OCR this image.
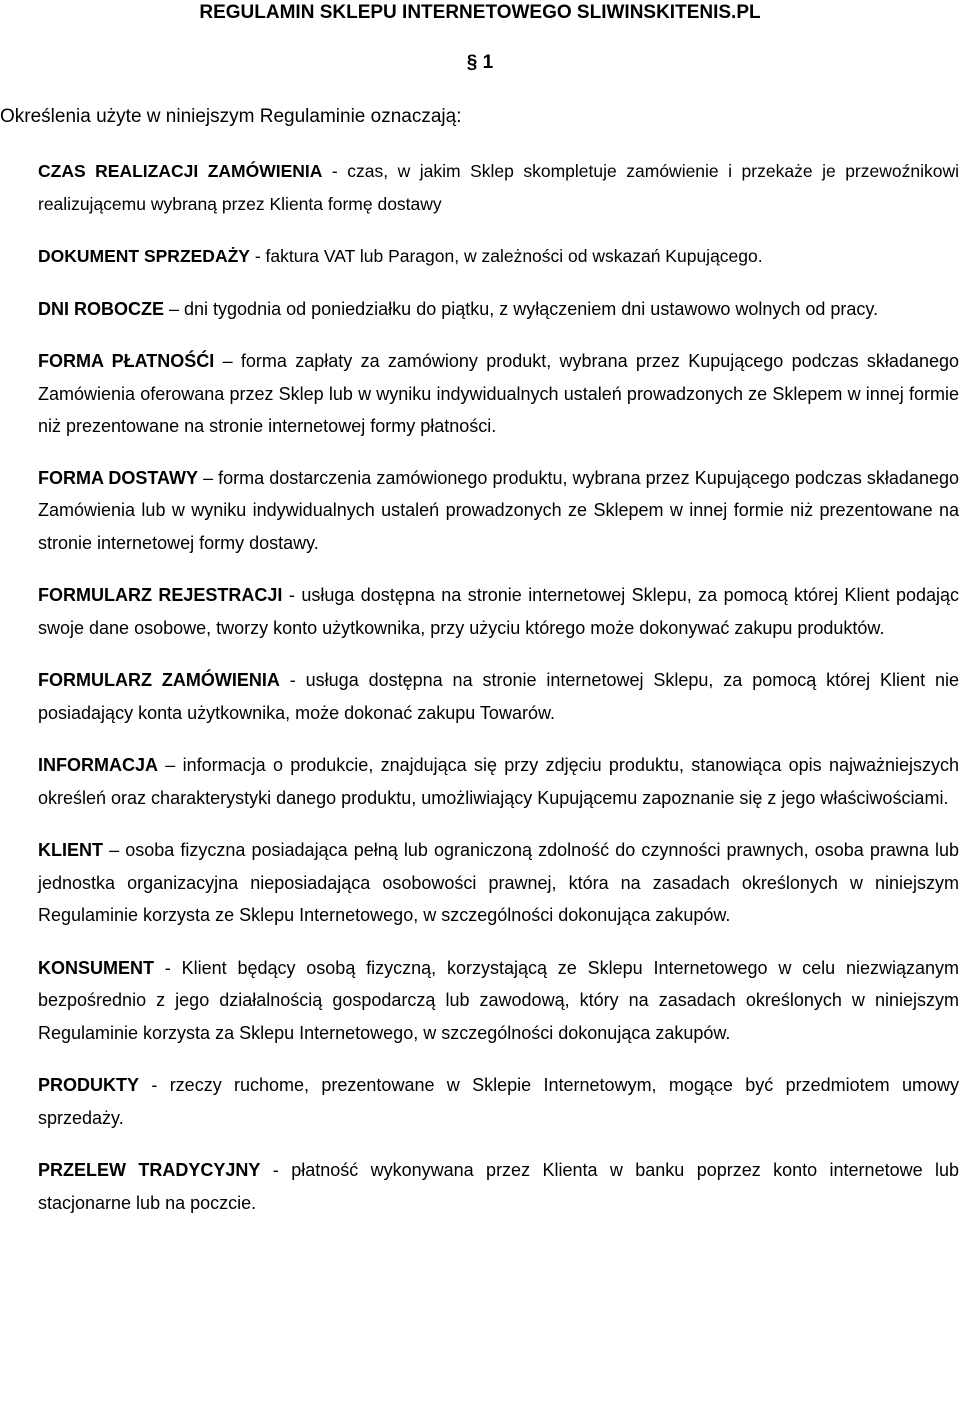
REGULAMIN SKLEPU INTERNETOWEGO SLIWINSKITENIS.PL
§ 1

Określenia użyte w niniejszym Regulaminie oznaczają:

CZAS REALIZACJI ZAMÓWIENIA - czas, w jakim Sklep skompletuje zamówienie i przekaże je przewoźnikowi realizującemu wybraną przez Klienta formę dostawy

DOKUMENT SPRZEDAŻY - faktura VAT lub Paragon, w zależności od wskazań Kupującego.

DNI ROBOCZE – dni tygodnia od poniedziałku do piątku, z wyłączeniem dni ustawowo wolnych od pracy.

FORMA PŁATNOŚĆI – forma zapłaty za zamówiony produkt, wybrana przez Kupującego podczas składanego Zamówienia oferowana przez Sklep lub w wyniku indywidualnych ustaleń prowadzonych ze Sklepem w innej formie niż prezentowane na stronie internetowej formy płatności.

FORMA DOSTAWY – forma dostarczenia zamówionego produktu, wybrana przez Kupującego podczas składanego Zamówienia lub w wyniku indywidualnych ustaleń prowadzonych ze Sklepem w innej formie niż prezentowane na stronie internetowej formy dostawy.

FORMULARZ REJESTRACJI - usługa dostępna na stronie internetowej Sklepu, za pomocą której Klient podając swoje dane osobowe, tworzy konto użytkownika, przy użyciu którego może dokonywać zakupu produktów.

FORMULARZ ZAMÓWIENIA - usługa dostępna na stronie internetowej Sklepu, za pomocą której Klient nie posiadający konta użytkownika, może dokonać zakupu Towarów.

INFORMACJA – informacja o produkcie, znajdująca się przy zdjęciu produktu, stanowiąca opis najważniejszych określeń oraz charakterystyki danego produktu, umożliwiający Kupującemu zapoznanie się z jego właściwościami.

KLIENT – osoba fizyczna posiadająca pełną lub ograniczoną zdolność do czynności prawnych, osoba prawna lub jednostka organizacyjna nieposiadająca osobowości prawnej, która na zasadach określonych w niniejszym Regulaminie korzysta ze Sklepu Internetowego, w szczególności dokonująca zakupów.

KONSUMENT - Klient będący osobą fizyczną, korzystającą ze Sklepu Internetowego w celu niezwiązanym bezpośrednio z jego działalnością gospodarczą lub zawodową, który na zasadach określonych w niniejszym Regulaminie korzysta za Sklepu Internetowego, w szczególności dokonująca zakupów.

PRODUKTY - rzeczy ruchome, prezentowane w Sklepie Internetowym, mogące być przedmiotem umowy sprzedaży.

PRZELEW TRADYCYJNY - płatność wykonywana przez Klienta w banku poprzez konto internetowe lub stacjonarne lub na poczcie.
